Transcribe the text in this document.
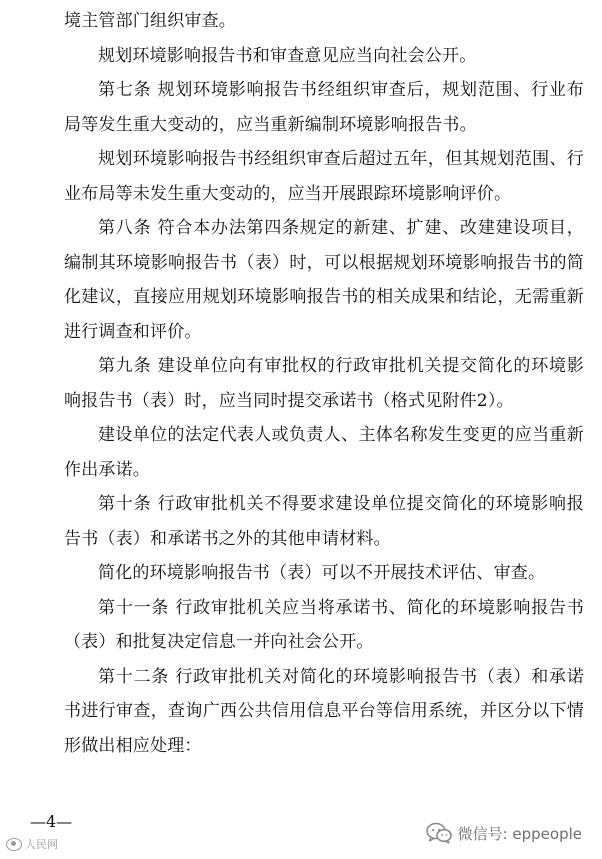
境主管部门组织审查。

规划环境影响报告书和审查意见应当向社会公开。

第七条 规划环境影响报告书经组织审查后，规划范围、行业布局等发生重大变动的，应当重新编制环境影响报告书。

规划环境影响报告书经组织审查后超过五年，但其规划范围、行业布局等未发生重大变动的，应当开展跟踪环境影响评价。

第八条 符合本办法第四条规定的新建、扩建、改建建设项目，编制其环境影响报告书（表）时，可以根据规划环境影响报告书的简化建议，直接应用规划环境影响报告书的相关成果和结论，无需重新进行调查和评价。

第九条 建设单位向有审批权的行政审批机关提交简化的环境影响报告书（表）时，应当同时提交承诺书（格式见附件2）。

建设单位的法定代表人或负责人、主体名称发生变更的应当重新作出承诺。

第十条 行政审批机关不得要求建设单位提交简化的环境影响报告书（表）和承诺书之外的其他申请材料。

简化的环境影响报告书（表）可以不开展技术评估、审查。

第十一条 行政审批机关应当将承诺书、简化的环境影响报告书（表）和批复决定信息一并向社会公开。

第十二条 行政审批机关对简化的环境影响报告书（表）和承诺书进行审查，查询广西公共信用信息平台等信用系统，并区分以下情形做出相应处理：

—4—
人民网
微信号: eppeople
